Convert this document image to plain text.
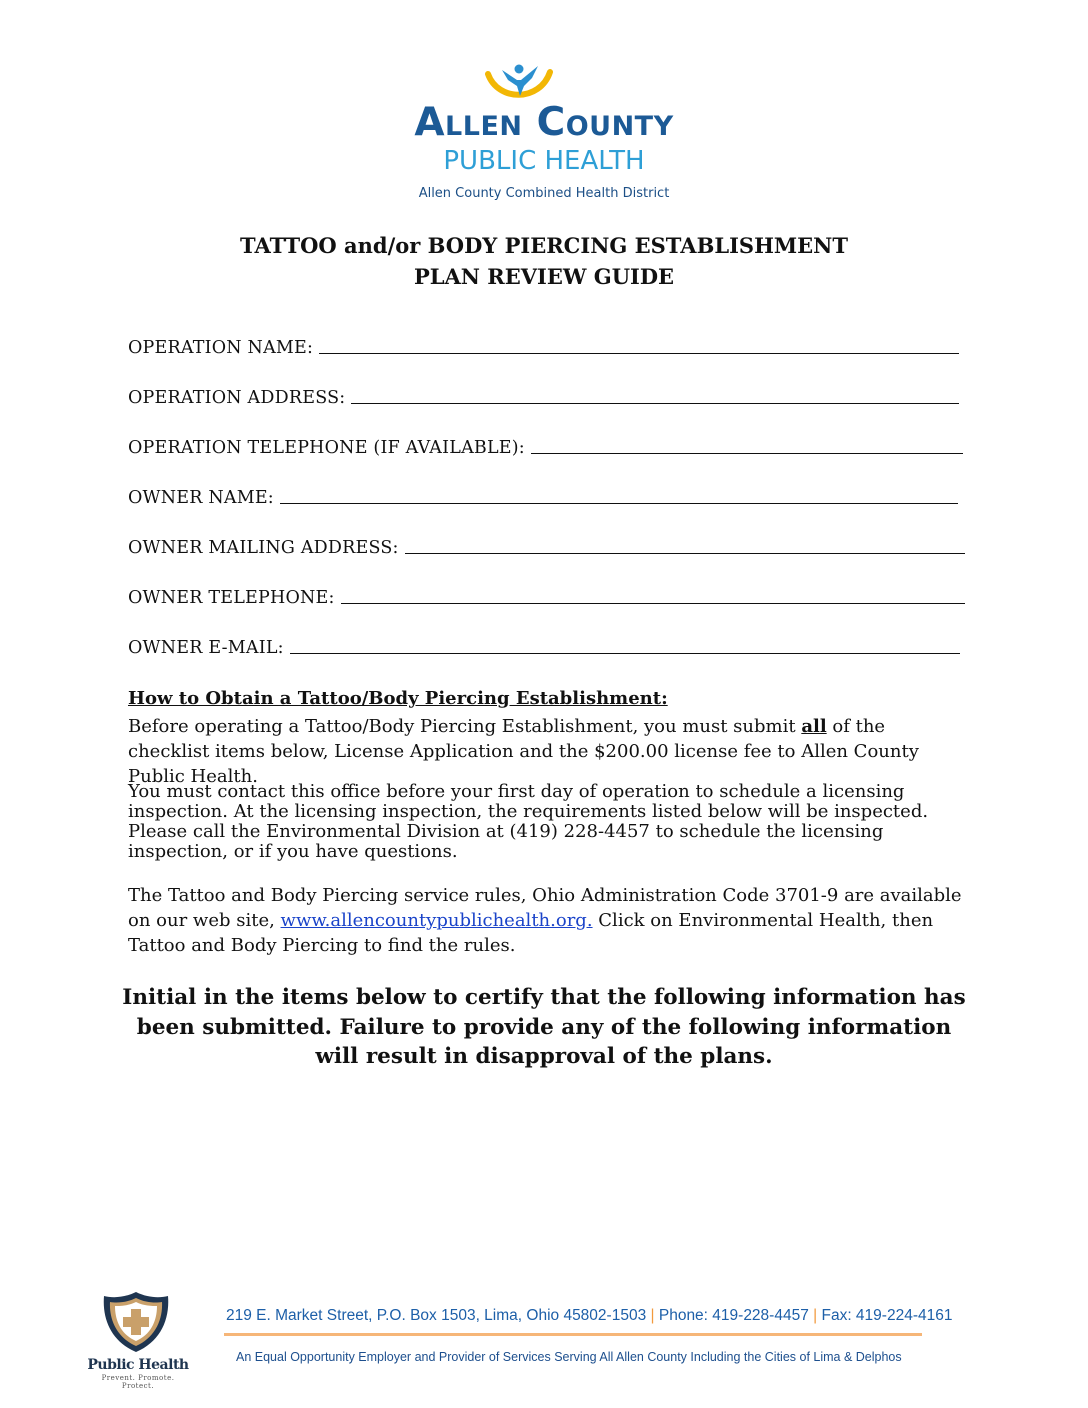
Allen County
PUBLIC HEALTH
Allen County Combined Health District
TATTOO and/or BODY PIERCING ESTABLISHMENT
PLAN REVIEW GUIDE
OPERATION NAME:
OPERATION ADDRESS:
OPERATION TELEPHONE (IF AVAILABLE):
OWNER NAME:
OWNER MAILING ADDRESS:
OWNER TELEPHONE:
OWNER E-MAIL:
How to Obtain a Tattoo/Body Piercing Establishment:
Before operating a Tattoo/Body Piercing Establishment, you must submit all of the checklist items below, License Application and the $200.00 license fee to Allen County Public Health.
You must contact this office before your first day of operation to schedule a licensing inspection. At the licensing inspection, the requirements listed below will be inspected. Please call the Environmental Division at (419) 228-4457 to schedule the licensing inspection, or if you have questions.
The Tattoo and Body Piercing service rules, Ohio Administration Code 3701-9 are available on our web site, www.allencountypublichealth.org. Click on Environmental Health, then Tattoo and Body Piercing to find the rules.
Initial in the items below to certify that the following information has been submitted. Failure to provide any of the following information will result in disapproval of the plans.
Public Health
Prevent. Promote. Protect.
219 E. Market Street, P.O. Box 1503, Lima, Ohio 45802-1503 | Phone: 419-228-4457 | Fax: 419-224-4161
An Equal Opportunity Employer and Provider of Services Serving All Allen County Including the Cities of Lima & Delphos
